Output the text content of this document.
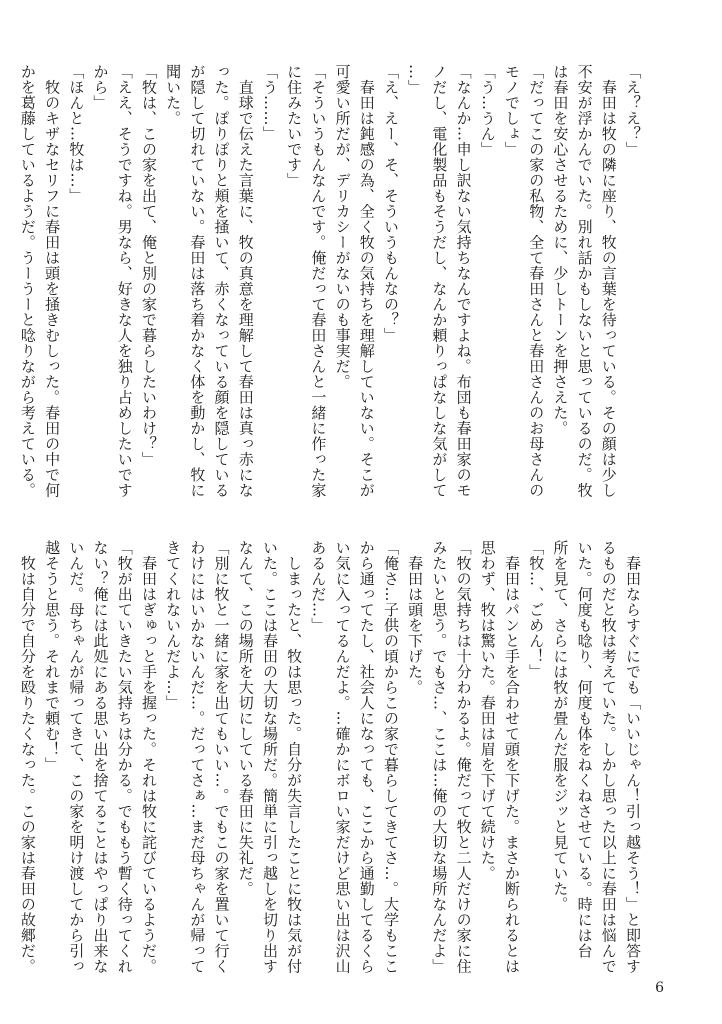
「え？え？」
　春田は牧の隣に座り、牧の言葉を待っている。その顔は少し
不安が浮かんでいた。別れ話かもしないと思っているのだ。牧
は春田を安心させるために、少しトーンを押さえた。
「だってこの家の私物、全て春田さんと春田さんのお母さんの
モノでしょ」
「う…うん」
「なんか…申し訳ない気持ちなんですよね。布団も春田家のモ
ノだし、電化製品もそうだし、なんか頼りっぱなしな気がして
…」
「え、えー、そ、そういうもんなの？」
　春田は鈍感の為、全く牧の気持ちを理解していない。そこが
可愛い所だが、デリカシーがないのも事実だ。
「そういうもんなんです。俺だって春田さんと一緒に作った家
に住みたいです」
「う……」
　直球で伝えた言葉に、牧の真意を理解して春田は真っ赤にな
った。ぽりぽりと頬を掻いて、赤くなっている顔を隠している
が隠して切れていない。春田は落ち着かなく体を動かし、牧に
聞いた。
「牧は、この家を出て、俺と別の家で暮らしたいわけ？」
「ええ、そうですね。男なら、好きな人を独り占めしたいです
から」
「ほんと…牧は…」
　牧のキザなセリフに春田は頭を掻きむしった。春田の中で何
かを葛藤しているようだ。うーうーと唸りながら考えている。
　春田ならすぐにでも「いいじゃん！引っ越そう！」と即答す
るものだと牧は考えていた。しかし思った以上に春田は悩んで
いた。何度も唸り、何度も体をねくねさせている。時には台
所を見て、さらには牧が畳んだ服をジッと見ていた。
「牧…、ごめん！」
　春田はパンと手を合わせて頭を下げた。まさか断られるとは
思わず、牧は驚いた。春田は眉を下げて続けた。
「牧の気持ちは十分わかるよ。俺だって牧と二人だけの家に住
みたいと思う。でもさ…、ここは…俺の大切な場所なんだよ」
　春田は頭を下げた。
「俺さ…子供の頃からこの家で暮らしてきてさ…。大学もここ
から通ってたし、社会人になっても、ここから通勤してるくら
い気に入ってるんだよ。…確かにボロい家だけど思い出は沢山
あるんだ…」
　しまったと、牧は思った。自分が失言したことに牧は気が付
いた。ここは春田の大切な場所だ。簡単に引っ越しを切り出す
なんて、この場所を大切にしている春田に失礼だ。
「別に牧と一緒に家を出てもいい…。でもこの家を置いて行く
わけにはいかないんだ…。だってさぁ…まだ母ちゃんが帰って
きてくれないんだよ…」
　春田はぎゅっと手を握った。それは牧に詫びているようだ。
「牧が出ていきたい気持ちは分かる。でももう暫く待ってくれ
ない？俺には此処にある思い出を捨てることはやっぱり出来な
いんだ。母ちゃんが帰ってきて、この家を明け渡してから引っ
越そうと思う。それまで頼む！」
　牧は自分で自分を殴りたくなった。この家は春田の故郷だ。
6
